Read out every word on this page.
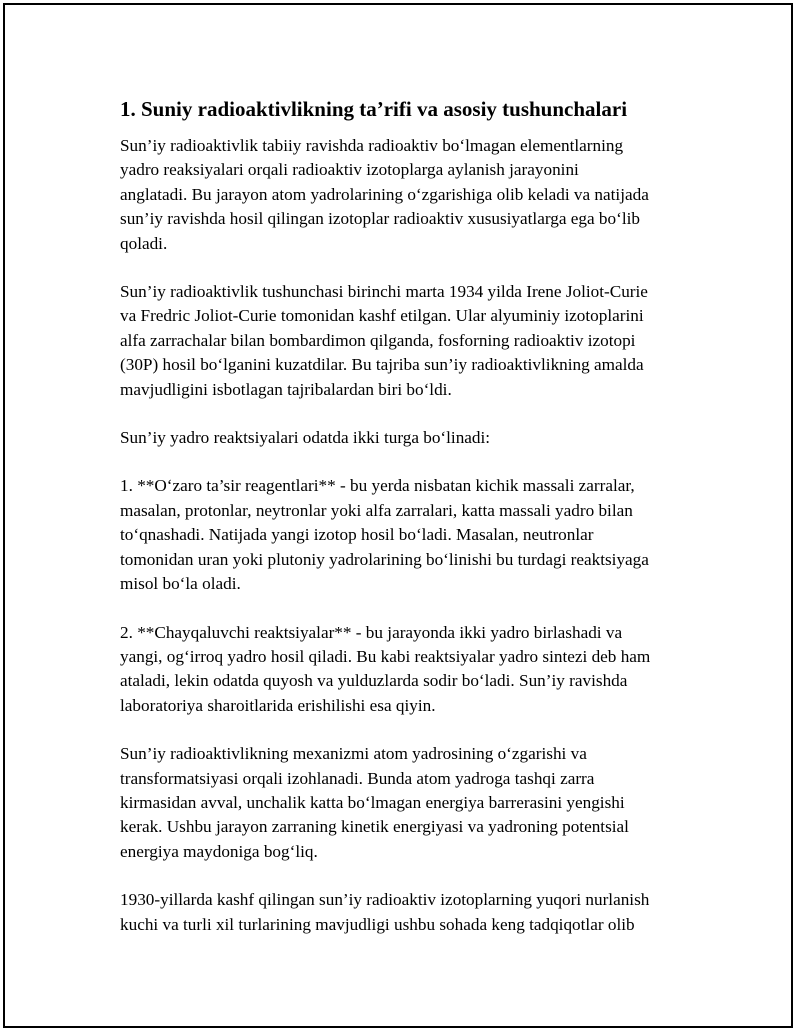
1. Suniy radioaktivlikning ta’rifi va asosiy tushunchalari
Sun’iy radioaktivlik tabiiy ravishda radioaktiv bo‘lmagan elementlarning
yadro reaksiyalari orqali radioaktiv izotoplarga aylanish jarayonini
anglatadi. Bu jarayon atom yadrolarining o‘zgarishiga olib keladi va natijada
sun’iy ravishda hosil qilingan izotoplar radioaktiv xususiyatlarga ega bo‘lib
qoladi.
Sun’iy radioaktivlik tushunchasi birinchi marta 1934 yilda Irene Joliot-Curie
va Fredric Joliot-Curie tomonidan kashf etilgan. Ular alyuminiy izotoplarini
alfa zarrachalar bilan bombardimon qilganda, fosforning radioaktiv izotopi
(30P) hosil bo‘lganini kuzatdilar. Bu tajriba sun’iy radioaktivlikning amalda
mavjudligini isbotlagan tajribalardan biri bo‘ldi.
Sun’iy yadro reaktsiyalari odatda ikki turga bo‘linadi:
1. **O‘zaro ta’sir reagentlari** - bu yerda nisbatan kichik massali zarralar,
masalan, protonlar, neytronlar yoki alfa zarralari, katta massali yadro bilan
to‘qnashadi. Natijada yangi izotop hosil bo‘ladi. Masalan, neutronlar
tomonidan uran yoki plutoniy yadrolarining bo‘linishi bu turdagi reaktsiyaga
misol bo‘la oladi.
2. **Chayqaluvchi reaktsiyalar** - bu jarayonda ikki yadro birlashadi va
yangi, og‘irroq yadro hosil qiladi. Bu kabi reaktsiyalar yadro sintezi deb ham
ataladi, lekin odatda quyosh va yulduzlarda sodir bo‘ladi. Sun’iy ravishda
laboratoriya sharoitlarida erishilishi esa qiyin.
Sun’iy radioaktivlikning mexanizmi atom yadrosining o‘zgarishi va
transformatsiyasi orqali izohlanadi. Bunda atom yadroga tashqi zarra
kirmasidan avval, unchalik katta bo‘lmagan energiya barrerasini yengishi
kerak. Ushbu jarayon zarraning kinetik energiyasi va yadroning potentsial
energiya maydoniga bog‘liq.
1930-yillarda kashf qilingan sun’iy radioaktiv izotoplarning yuqori nurlanish
kuchi va turli xil turlarining mavjudligi ushbu sohada keng tadqiqotlar olib
